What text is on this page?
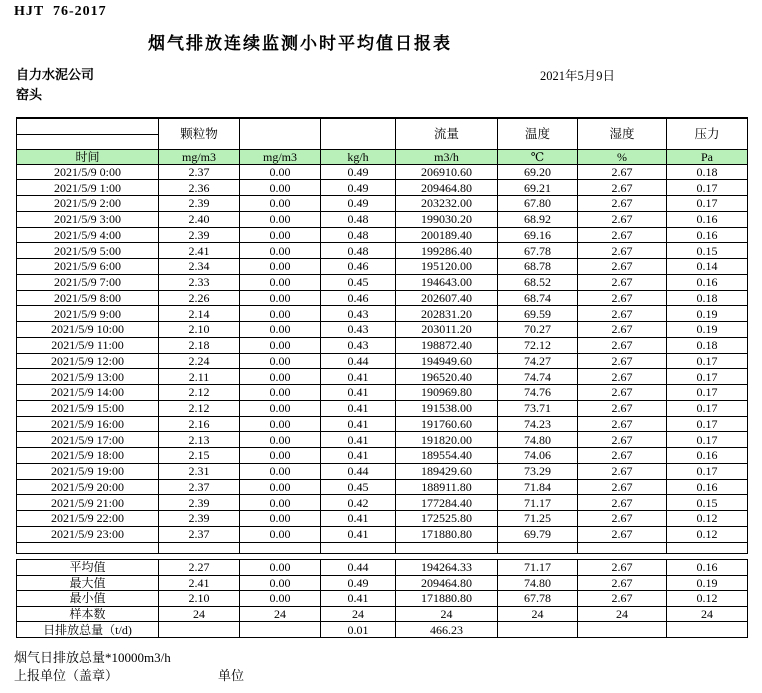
HJT  76-2017
烟气排放连续监测小时平均值日报表
自力水泥公司
窑头
2021年5月9日
	颗粒物			流量	温度	湿度	压力

时间	mg/m3	mg/m3	kg/h	m3/h	℃	%	Pa
2021/5/9 0:00	2.37	0.00	0.49	206910.60	69.20	2.67	0.18
2021/5/9 1:00	2.36	0.00	0.49	209464.80	69.21	2.67	0.17
2021/5/9 2:00	2.39	0.00	0.49	203232.00	67.80	2.67	0.17
2021/5/9 3:00	2.40	0.00	0.48	199030.20	68.92	2.67	0.16
2021/5/9 4:00	2.39	0.00	0.48	200189.40	69.16	2.67	0.16
2021/5/9 5:00	2.41	0.00	0.48	199286.40	67.78	2.67	0.15
2021/5/9 6:00	2.34	0.00	0.46	195120.00	68.78	2.67	0.14
2021/5/9 7:00	2.33	0.00	0.45	194643.00	68.52	2.67	0.16
2021/5/9 8:00	2.26	0.00	0.46	202607.40	68.74	2.67	0.18
2021/5/9 9:00	2.14	0.00	0.43	202831.20	69.59	2.67	0.19
2021/5/9 10:00	2.10	0.00	0.43	203011.20	70.27	2.67	0.19
2021/5/9 11:00	2.18	0.00	0.43	198872.40	72.12	2.67	0.18
2021/5/9 12:00	2.24	0.00	0.44	194949.60	74.27	2.67	0.17
2021/5/9 13:00	2.11	0.00	0.41	196520.40	74.74	2.67	0.17
2021/5/9 14:00	2.12	0.00	0.41	190969.80	74.76	2.67	0.17
2021/5/9 15:00	2.12	0.00	0.41	191538.00	73.71	2.67	0.17
2021/5/9 16:00	2.16	0.00	0.41	191760.60	74.23	2.67	0.17
2021/5/9 17:00	2.13	0.00	0.41	191820.00	74.80	2.67	0.17
2021/5/9 18:00	2.15	0.00	0.41	189554.40	74.06	2.67	0.16
2021/5/9 19:00	2.31	0.00	0.44	189429.60	73.29	2.67	0.17
2021/5/9 20:00	2.37	0.00	0.45	188911.80	71.84	2.67	0.16
2021/5/9 21:00	2.39	0.00	0.42	177284.40	71.17	2.67	0.15
2021/5/9 22:00	2.39	0.00	0.41	172525.80	71.25	2.67	0.12
2021/5/9 23:00	2.37	0.00	0.41	171880.80	69.79	2.67	0.12

平均值	2.27	0.00	0.44	194264.33	71.17	2.67	0.16
最大值	2.41	0.00	0.49	209464.80	74.80	2.67	0.19
最小值	2.10	0.00	0.41	171880.80	67.78	2.67	0.12
样本数	24	24	24	24	24	24	24
日排放总量（t/d)			0.01	466.23			
烟气日排放总量*10000m3/h
上报单位（盖章）	单位
